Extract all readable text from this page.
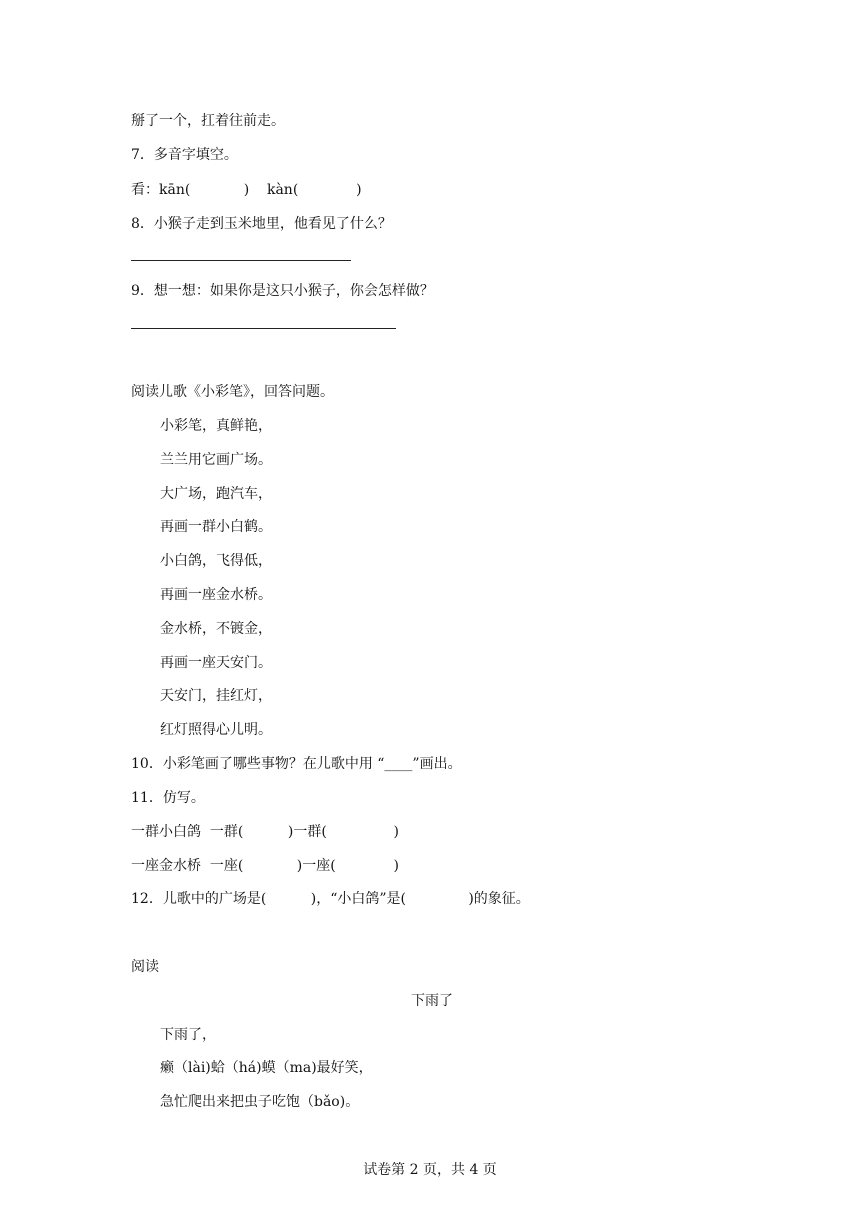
掰了一个，扛着往前走。
7．多音字填空。
看：kān(            )    kàn(             )
8．小猴子走到玉米地里，他看见了什么？
9．想一想：如果你是这只小猴子，你会怎样做？
阅读儿歌《小彩笔》，回答问题。
小彩笔，真鲜艳，
兰兰用它画广场。
大广场，跑汽车，
再画一群小白鹤。
小白鸽，飞得低，
再画一座金水桥。
金水桥，不镀金，
再画一座天安门。
天安门，挂红灯，
红灯照得心儿明。
10．小彩笔画了哪些事物？在儿歌中用 “____”画出。
11．仿写。
一群小白鸽  一群(          )一群(               )
一座金水桥  一座(            )一座(             )
12．儿歌中的广场是(          )，“小白鸽”是(              )的象征。
阅读
下雨了
下雨了，
癞（lài)蛤（há)蟆（ma)最好笑，
急忙爬出来把虫子吃饱（bǎo)。
试卷第 2 页，共 4 页
